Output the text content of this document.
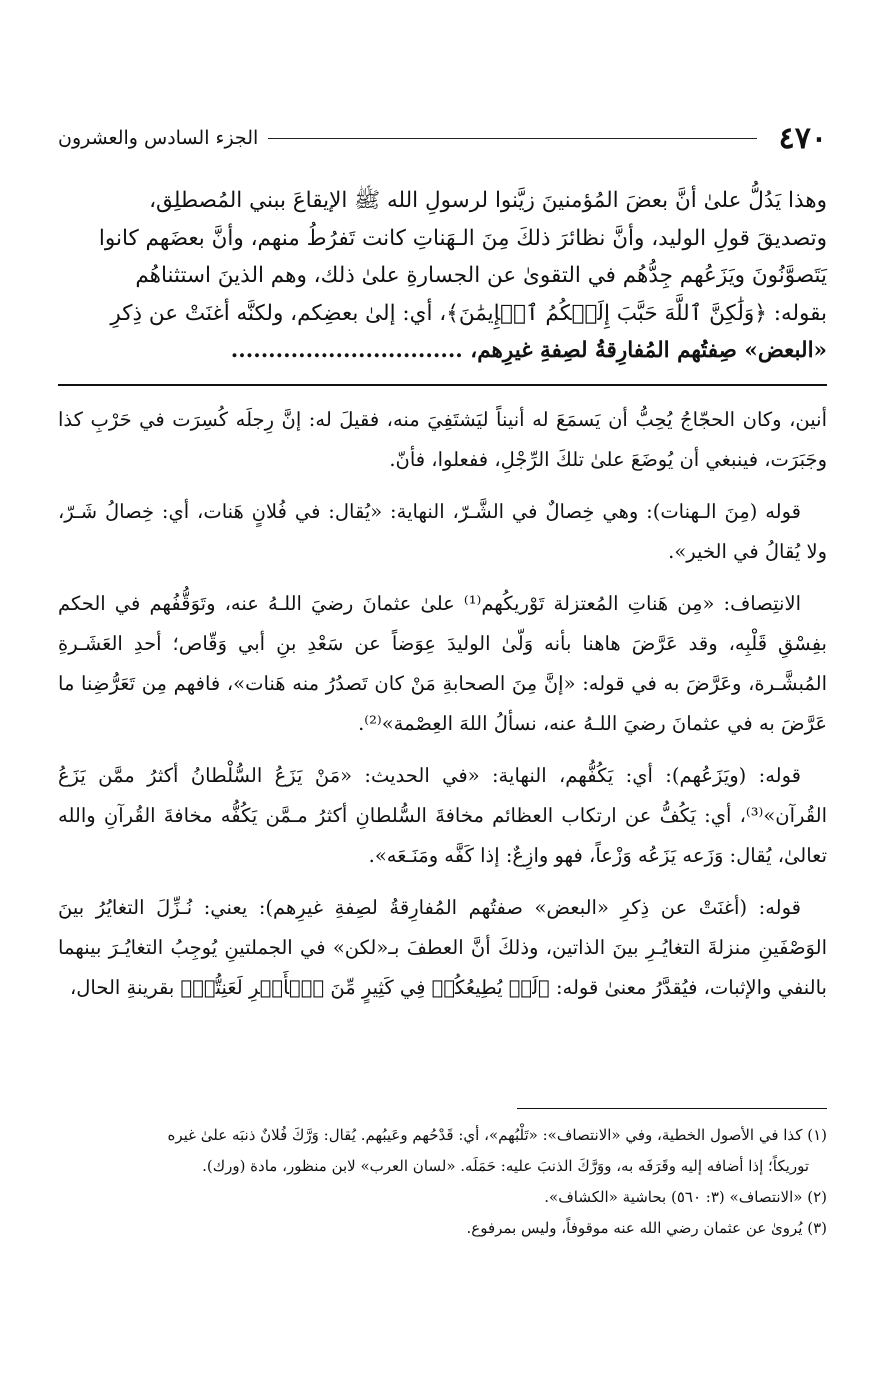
٤٧٠
الجزء السادس والعشرون

وهذا يَدُلُّ علىٰ أنَّ بعضَ المُؤمنينَ زيَّنوا لرسولِ الله ﷺ الإيقاعَ ببني المُصطلِق،

وتصديقَ قولِ الوليد، وأنَّ نظائرَ ذلكَ مِنَ الـهَناتِ كانت تَفرُطُ منهم، وأنَّ بعضَهم كانوا

يَتَصوَّنُونَ ويَزَعُهم جِدُّهُم في التقوىٰ عن الجسارةِ علىٰ ذلك، وهم الذينَ استثناهُم

بقوله: ﴿وَلَٰكِنَّ ٱللَّهَ حَبَّبَ إِلَيۡكُمُ ٱلۡإِيمَٰنَ﴾، أي: إلىٰ بعضِكم، ولكنَّه أغنَتْ عن ذِكرِ

«البعض» صِفتُهم المُفارِقةُ لصِفةِ غيرِهم، ...............................

أنين، وكان الحجّاجُ يُحِبُّ أن يَسمَعَ له أنيناً ليَشتَفِيَ منه، فقيلَ له: إنَّ رِجلَه كُسِرَت في حَرْبِ كذا وجَبَرَت، فينبغي أن يُوضَعَ علىٰ تلكَ الرِّجْلِ، ففعلوا، فأنّ.

قوله (مِنَ الـهنات): وهي خِصالٌ في الشَّـرّ، النهاية: «يُقال: في فُلانٍ هَنات، أي: خِصالُ شَـرّ، ولا يُقالُ في الخير».

الانتِصاف: «مِن هَناتِ المُعتزلة تَوْريكُهم⁽¹⁾ علىٰ عثمانَ رضيَ اللـهُ عنه، وتَوَقُّفُهم في الحكم بفِسْقِ قَلْبِه، وقد عَرَّضَ هاهنا بأنه وَلّىٰ الوليدَ عِوَضاً عن سَعْدِ بنِ أبي وَقّاص؛ أحدِ العَشَـرةِ المُبشَّـرة، وعَرَّضَ به في قوله: «إنَّ مِنَ الصحابةِ مَنْ كان تَصدُرُ منه هَنات»، فافهم مِن تَعَرُّضِنا ما عَرَّضَ به في عثمانَ رضيَ اللـهُ عنه، نسألُ اللهَ العِصْمة»⁽²⁾.

قوله: (ويَزَعُهم): أي: يَكُفُّهم، النهاية: «في الحديث: «مَنْ يَزَعُ السُّلْطانُ أكثرُ ممَّن يَزَعُ القُرآن»⁽³⁾، أي: يَكُفُّ عن ارتكاب العظائم مخافةَ السُّلطانِ أكثرُ مـمَّن يَكُفُّه مخافةَ القُرآنِ والله تعالىٰ، يُقال: وَزَعه يَزَعُه وَزْعاً، فهو وازِعٌ: إذا كَفَّه ومَنَـعَه».

قوله: (أغنَتْ عن ذِكرِ «البعض» صفتُهم المُفارِقةُ لصِفةِ غيرِهم): يعني: نُـزِّلَ التغايُرُ بينَ الوَصْفَينِ منزلةَ التغايُـرِ بينَ الذاتين، وذلكَ أنَّ العطفَ بـ«لكن» في الجملتينِ يُوجِبُ التغايُـرَ بينهما بالنفي والإثبات، فيُقدَّرُ معنىٰ قوله: ﴿لَوۡ يُطِيعُكُمۡ فِي كَثِيرٍ مِّنَ ٱلۡأَمۡرِ لَعَنِتُّمۡ﴾ بقرينةِ الحال،

(١) كذا في الأصول الخطية، وفي «الانتصاف»: «تَلْبُهم»، أي: قَدْحُهم وعَيبُهم. يُقال: وَرَّكَ فُلانٌ ذنبَه علىٰ غيره

توريكاً؛ إذا أضافه إليه وقَرَفَه به، ووَرَّكَ الذنبَ عليه: حَمَلَه. «لسان العرب» لابن منظور، مادة (ورك).

(٢) «الانتصاف» (٣: ٥٦٠) بحاشية «الكشاف».

(٣) يُروىٰ عن عثمان رضي الله عنه موقوفاً، وليس بمرفوع.
